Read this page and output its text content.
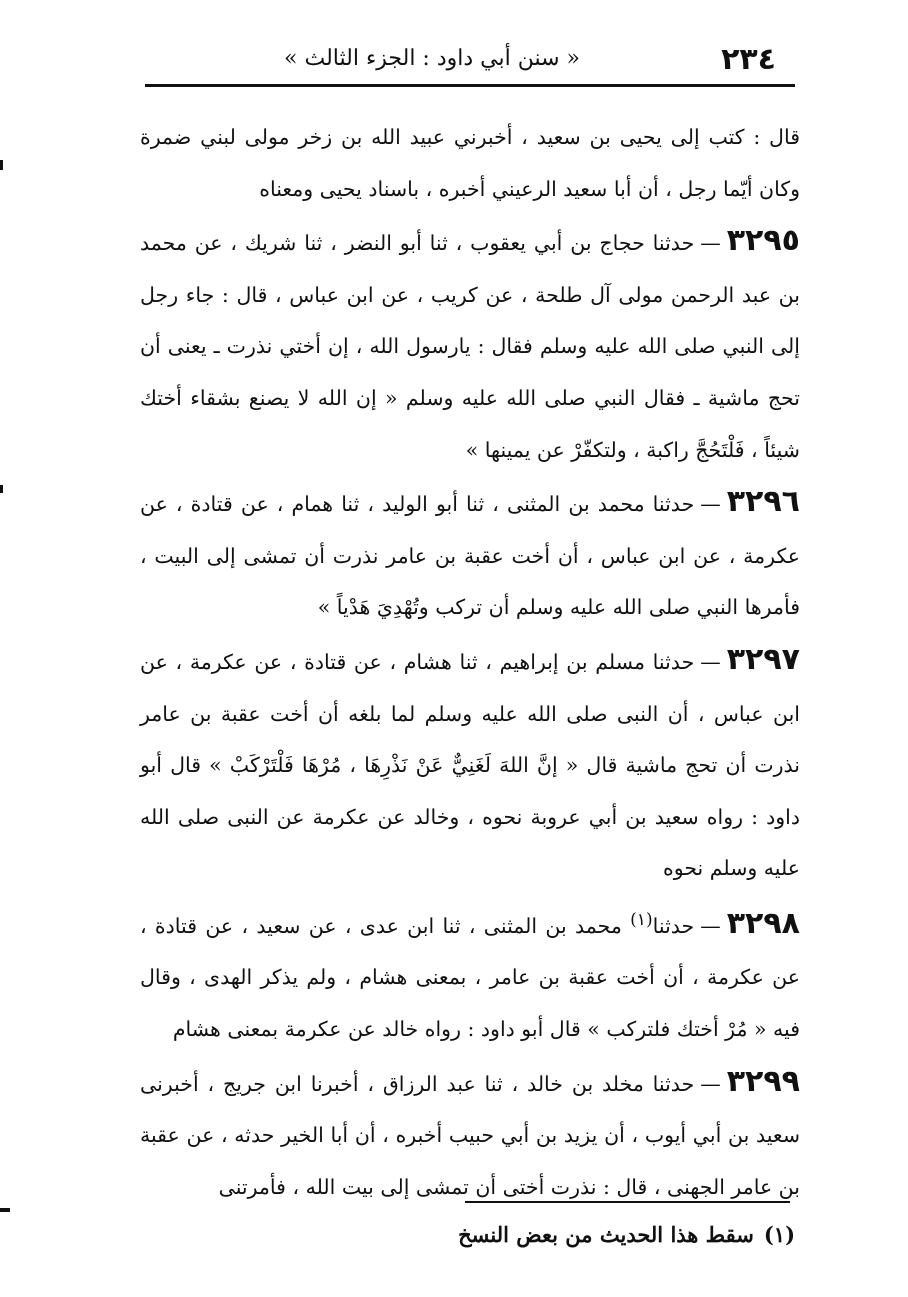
٢٣٤
« سنن أبي داود : الجزء الثالث »

قال : كتب إلى يحيى بن سعيد ، أخبرني عبيد الله بن زخر مولى لبني ضمرة وكان أيّما رجل ، أن أبا سعيد الرعيني أخبره ، باسناد يحيى ومعناه

٣٢٩٥—حدثنا حجاج بن أبي يعقوب ، ثنا أبو النضر ، ثنا شريك ، عن محمد بن عبد الرحمن مولى آل طلحة ، عن كريب ، عن ابن عباس ، قال : جاء رجل إلى النبي صلى الله عليه وسلم فقال : يارسول الله ، إن أختي نذرت ـ يعنى أن تحج ماشية ـ فقال النبي صلى الله عليه وسلم « إن الله لا يصنع بشقاء أختك شيئاً ، فَلْتَحُجَّ راكبة ، ولتكفّرْ عن يمينها »

٣٢٩٦—حدثنا محمد بن المثنى ، ثنا أبو الوليد ، ثنا همام ، عن قتادة ، عن عكرمة ، عن ابن عباس ، أن أخت عقبة بن عامر نذرت أن تمشى إلى البيت ، فأمرها النبي صلى الله عليه وسلم أن تركب وتُهْدِيَ هَدْياً »

٣٢٩٧—حدثنا مسلم بن إبراهيم ، ثنا هشام ، عن قتادة ، عن عكرمة ، عن ابن عباس ، أن النبى صلى الله عليه وسلم لما بلغه أن أخت عقبة بن عامر نذرت أن تحج ماشية قال « إنَّ اللهَ لَغَنِيٌّ عَنْ نَذْرِهَا ، مُرْهَا فَلْتَرْكَبْ » قال أبو داود : رواه سعيد بن أبي عروبة نحوه ، وخالد عن عكرمة عن النبى صلى الله عليه وسلم نحوه

٣٢٩٨—حدثنا$^{(١)}$ محمد بن المثنى ، ثنا ابن عدى ، عن سعيد ، عن قتادة ، عن عكرمة ، أن أخت عقبة بن عامر ، بمعنى هشام ، ولم يذكر الهدى ، وقال فيه « مُرْ أختك فلتركب » قال أبو داود : رواه خالد عن عكرمة بمعنى هشام

٣٢٩٩—حدثنا مخلد بن خالد ، ثنا عبد الرزاق ، أخبرنا ابن جريج ، أخبرنى سعيد بن أبي أيوب ، أن يزيد بن أبي حبيب أخبره ، أن أبا الخير حدثه ، عن عقبة بن عامر الجهنى ، قال : نذرت أختى أن تمشى إلى بيت الله ، فأمرتنى

(١)سقط هذا الحديث من بعض النسخ
